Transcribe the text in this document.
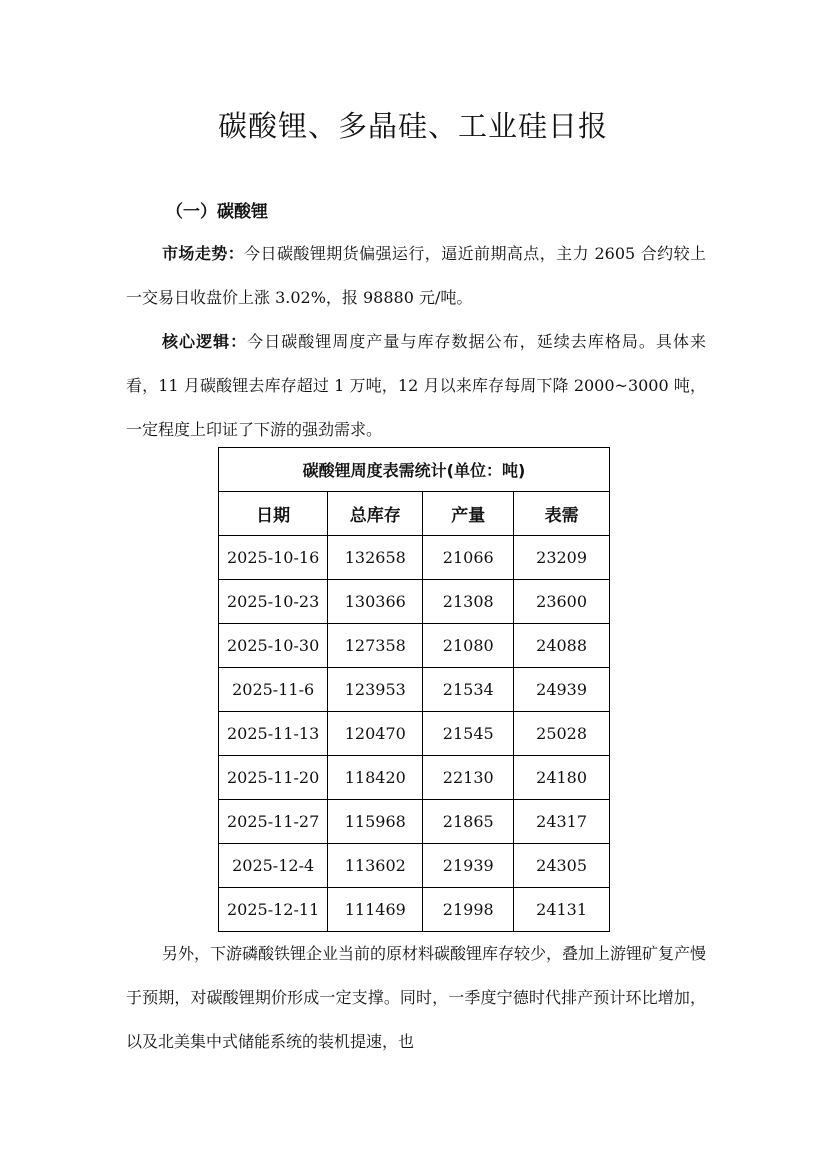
碳酸锂、多晶硅、工业硅日报
（一）碳酸锂

市场走势：今日碳酸锂期货偏强运行，逼近前期高点，主力 2605 合约较上一交易日收盘价上涨 3.02%，报 98880 元/吨。

核心逻辑：今日碳酸锂周度产量与库存数据公布，延续去库格局。具体来看，11 月碳酸锂去库存超过 1 万吨，12 月以来库存每周下降 2000~3000 吨，一定程度上印证了下游的强劲需求。

碳酸锂周度表需统计(单位：吨)			
日期	总库存	产量	表需
2025-10-16	132658	21066	23209
2025-10-23	130366	21308	23600
2025-10-30	127358	21080	24088
2025-11-6	123953	21534	24939
2025-11-13	120470	21545	25028
2025-11-20	118420	22130	24180
2025-11-27	115968	21865	24317
2025-12-4	113602	21939	24305
2025-12-11	111469	21998	24131

另外，下游磷酸铁锂企业当前的原材料碳酸锂库存较少，叠加上游锂矿复产慢于预期，对碳酸锂期价形成一定支撑。同时，一季度宁德时代排产预计环比增加，以及北美集中式储能系统的装机提速，也
